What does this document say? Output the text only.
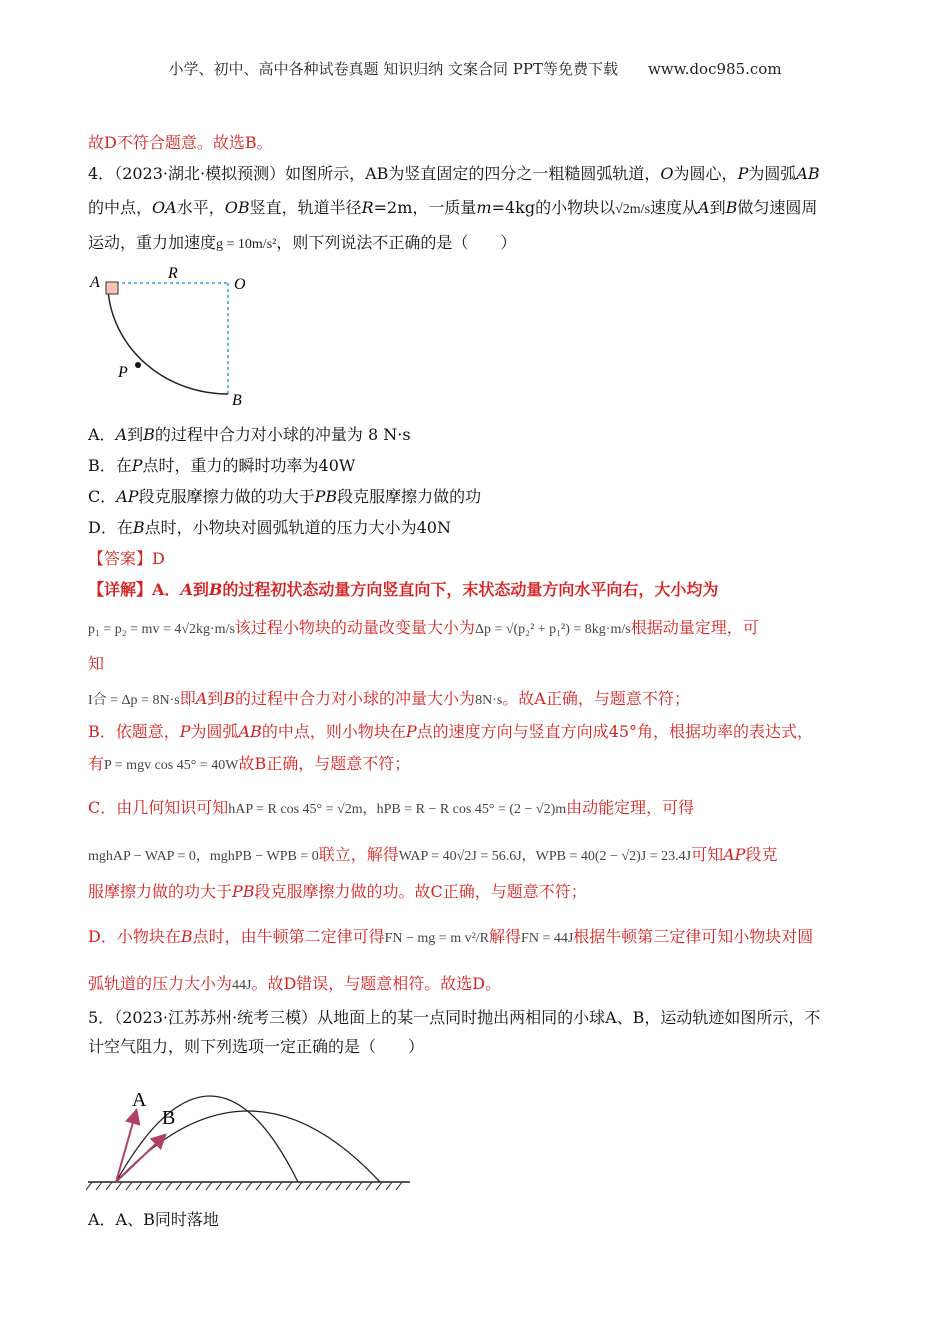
小学、初中、高中各种试卷真题 知识归纳 文案合同 PPT等免费下载　　www.doc985.com
故D不符合题意。故选B。
4．（2023·湖北·模拟预测）如图所示，AB为竖直固定的四分之一粗糙圆弧轨道，O为圆心，P为圆弧AB
的中点，OA水平，OB竖直，轨道半径R=2m，一质量m=4kg的小物块以√2m/s速度从A到B做匀速圆周
运动，重力加速度g = 10m/s²，则下列说法不正确的是（　　）
A
R
O
P
B
A．A到B的过程中合力对小球的冲量为 8 N·s
B．在P点时，重力的瞬时功率为40W
C．AP段克服摩擦力做的功大于PB段克服摩擦力做的功
D．在B点时，小物块对圆弧轨道的压力大小为40N
【答案】D
【详解】A．A到B的过程初状态动量方向竖直向下，末状态动量方向水平向右，大小均为
p₁ = p₂ = mv = 4√2kg·m/s该过程小物块的动量改变量大小为Δp = √(p₂² + p₁²) = 8kg·m/s根据动量定理，可
知
I合 = Δp = 8N·s即A到B的过程中合力对小球的冲量大小为8N·s。故A正确，与题意不符；
B．依题意，P为圆弧AB的中点，则小物块在P点的速度方向与竖直方向成45°角，根据功率的表达式，
有P = mgv cos 45° = 40W故B正确，与题意不符；
C．由几何知识可知hAP = R cos 45° = √2m，hPB = R − R cos 45° = (2 − √2)m由动能定理，可得
mghAP − WAP = 0，mghPB − WPB = 0联立，解得WAP = 40√2J = 56.6J，WPB = 40(2 − √2)J = 23.4J可知AP段克
服摩擦力做的功大于PB段克服摩擦力做的功。故C正确，与题意不符；
D．小物块在B点时，由牛顿第二定律可得FN − mg = m v²/R解得FN = 44J根据牛顿第三定律可知小物块对圆
弧轨道的压力大小为44J。故D错误，与题意相符。故选D。
5．（2023·江苏苏州·统考三模）从地面上的某一点同时抛出两相同的小球A、B，运动轨迹如图所示，不
计空气阻力，则下列选项一定正确的是（　　）
A
B
A．A、B同时落地
